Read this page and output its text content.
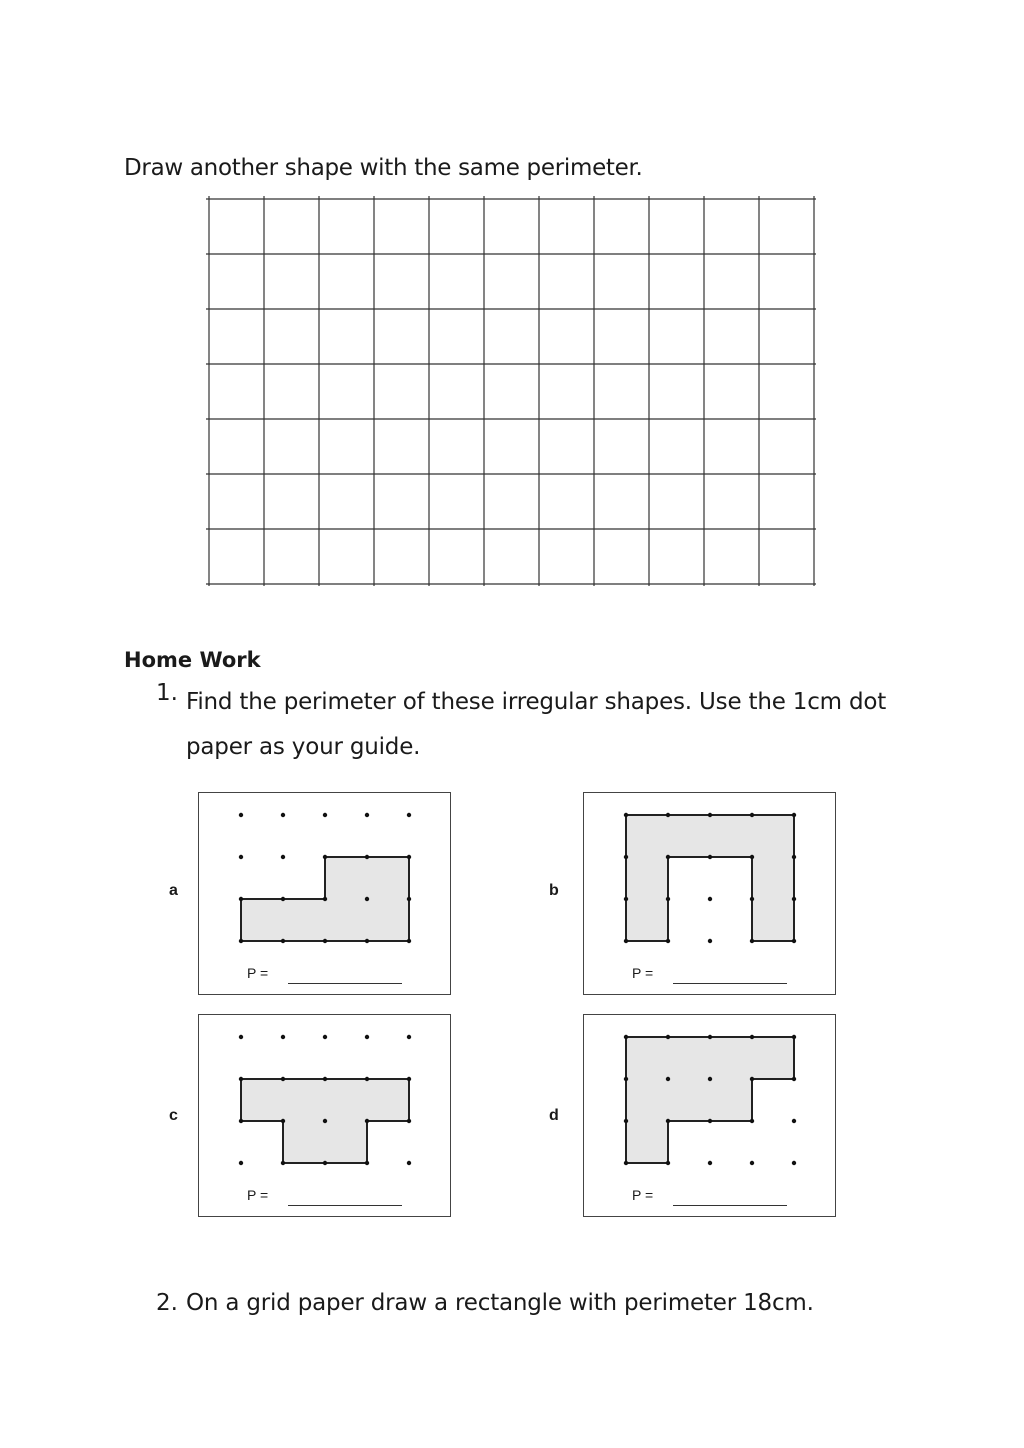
Draw another shape with the same perimeter.
Home Work
1. Find the perimeter of these irregular shapes. Use the 1cm dot paper as your guide.
a
P =
b
P =
c
P =
d
P =
2. On a grid paper draw a rectangle with perimeter 18cm.
